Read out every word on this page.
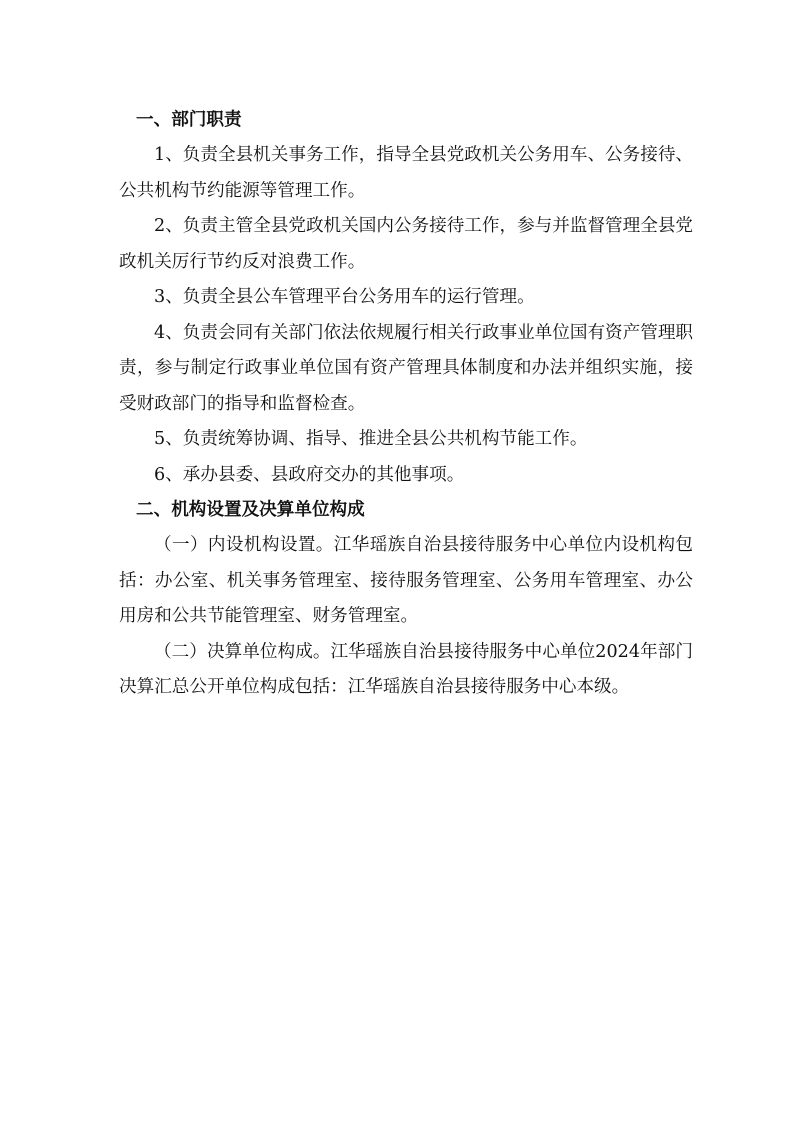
一、部门职责

1、负责全县机关事务工作，指导全县党政机关公务用车、公务接待、公共机构节约能源等管理工作。

2、负责主管全县党政机关国内公务接待工作，参与并监督管理全县党政机关厉行节约反对浪费工作。

3、负责全县公车管理平台公务用车的运行管理。

4、负责会同有关部门依法依规履行相关行政事业单位国有资产管理职责，参与制定行政事业单位国有资产管理具体制度和办法并组织实施，接受财政部门的指导和监督检查。

5、负责统筹协调、指导、推进全县公共机构节能工作。

6、承办县委、县政府交办的其他事项。

二、机构设置及决算单位构成

（一）内设机构设置。江华瑶族自治县接待服务中心单位内设机构包括：办公室、机关事务管理室、接待服务管理室、公务用车管理室、办公用房和公共节能管理室、财务管理室。

（二）决算单位构成。江华瑶族自治县接待服务中心单位2024年部门决算汇总公开单位构成包括：江华瑶族自治县接待服务中心本级。
